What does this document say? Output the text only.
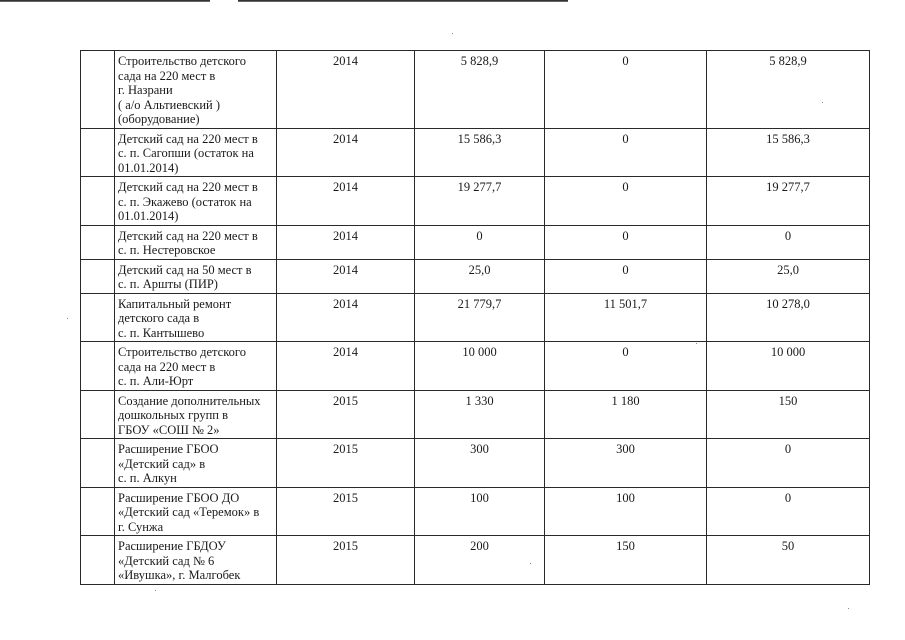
	Строительство детского
сада на 220 мест в
г. Назрани
( а/о Альтиевский )
(оборудование)	2014	5 828,9	0	5 828,9
	Детский сад на 220 мест в
с. п. Сагопши (остаток на
01.01.2014)	2014	15 586,3	0	15 586,3
	Детский сад на 220 мест в
с. п. Экажево (остаток на
01.01.2014)	2014	19 277,7	0	19 277,7
	Детский сад на 220 мест в
с. п. Нестеровское	2014	0	0	0
	Детский сад на 50 мест в
с. п. Аршты (ПИР)	2014	25,0	0	25,0
	Капитальный ремонт
детского сада в
с. п. Кантышево	2014	21 779,7	11 501,7	10 278,0
	Строительство детского
сада на 220 мест в
с. п. Али-Юрт	2014	10 000	0	10 000
	Создание дополнительных
дошкольных групп в
ГБОУ «СОШ № 2»	2015	1 330	1 180	150
	Расширение ГБОО
«Детский сад» в
с. п. Алкун	2015	300	300	0
	Расширение ГБОО ДО
«Детский сад «Теремок» в
г. Сунжа	2015	100	100	0
	Расширение ГБДОУ
«Детский сад № 6
«Ивушка», г. Малгобек	2015	200	150	50
